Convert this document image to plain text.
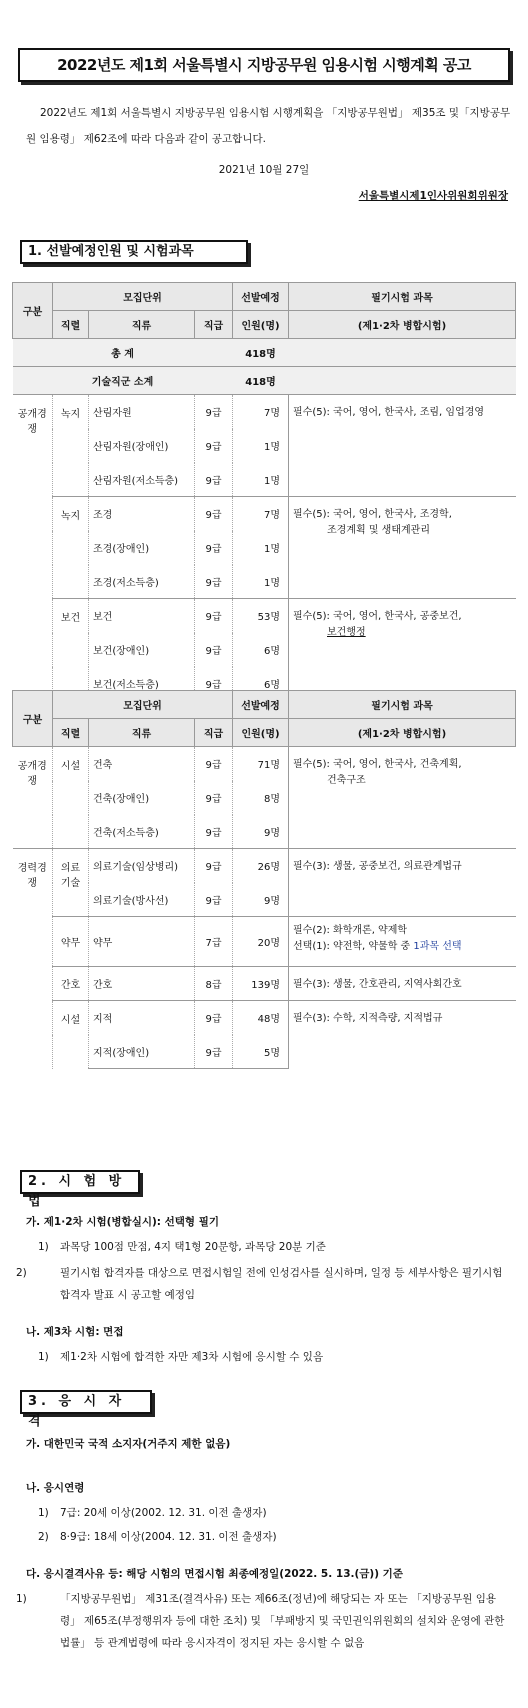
2022년도 제1회 서울특별시 지방공무원 임용시험 시행계획 공고

2022년도 제1회 서울특별시 지방공무원 임용시험 시행계획을 「지방공무원법」 제35조 및「지방공무원 임용령」 제62조에 따라 다음과 같이 공고합니다.

2021년 10월 27일
서울특별시제1인사위원회위원장
1. 선발예정인원 및 시험과목
구분	모집단위			선발예정	필기시험 과목
	직렬	직류	직급	인원(명)	(제1·2차 병합시험)
총 계				418명	
기술직군 소계				418명	
공개경쟁	녹지	산림자원	9급	7명	필수(5): 국어, 영어, 한국사, 조림, 임업경영
		산림자원(장애인)	9급	1명	
		산림자원(저소득층)	9급	1명	
	녹지	조경	9급	7명	필수(5): 국어, 영어, 한국사, 조경학,
조경계획 및 생태계관리
		조경(장애인)	9급	1명	
		조경(저소득층)	9급	1명	
	보건	보건	9급	53명	필수(5): 국어, 영어, 한국사, 공중보건,
보건행정
		보건(장애인)	9급	6명	
		보건(저소득층)	9급	6명	
구분	모집단위			선발예정	필기시험 과목
	직렬	직류	직급	인원(명)	(제1·2차 병합시험)
공개경쟁	시설	건축	9급	71명	필수(5): 국어, 영어, 한국사, 건축계획,
건축구조
		건축(장애인)	9급	8명	
		건축(저소득층)	9급	9명	
경력경쟁	의료기술	의료기술(임상병리)	9급	26명	필수(3): 생물, 공중보건, 의료관계법규
		의료기술(방사선)	9급	9명	
	약무	약무	7급	20명	필수(2): 화학개론, 약제학
선택(1): 약전학, 약물학 중 1과목 선택
	간호	간호	8급	139명	필수(3): 생물, 간호관리, 지역사회간호
	시설	지적	9급	48명	필수(3): 수학, 지적측량, 지적법규
		지적(장애인)	9급	5명	
2. 시 험 방 법
가. 제1·2차 시험(병합실시): 선택형 필기
1) 과목당 100점 만점, 4지 택1형 20문항, 과목당 20분 기준
2)	필기시험 합격자를 대상으로 면접시험일 전에 인성검사를 실시하며, 일정 등 세부사항은 필기시험 합격자 발표 시 공고할 예정임
나. 제3차 시험: 면접
1) 제1·2차 시험에 합격한 자만 제3차 시험에 응시할 수 있음
3. 응 시 자 격
가. 대한민국 국적 소지자(거주지 제한 없음)
나. 응시연령
1) 7급: 20세 이상(2002. 12. 31. 이전 출생자)
2) 8·9급: 18세 이상(2004. 12. 31. 이전 출생자)
다. 응시결격사유 등: 해당 시험의 면접시험 최종예정일(2022. 5. 13.(금)) 기준
1)	「지방공무원법」 제31조(결격사유) 또는 제66조(정년)에 해당되는 자 또는 「지방공무원 임용령」 제65조(부정행위자 등에 대한 조치) 및 「부패방지 및 국민권익위원회의 설치와 운영에 관한 법률」 등 관계법령에 따라 응시자격이 정지된 자는 응시할 수 없음
